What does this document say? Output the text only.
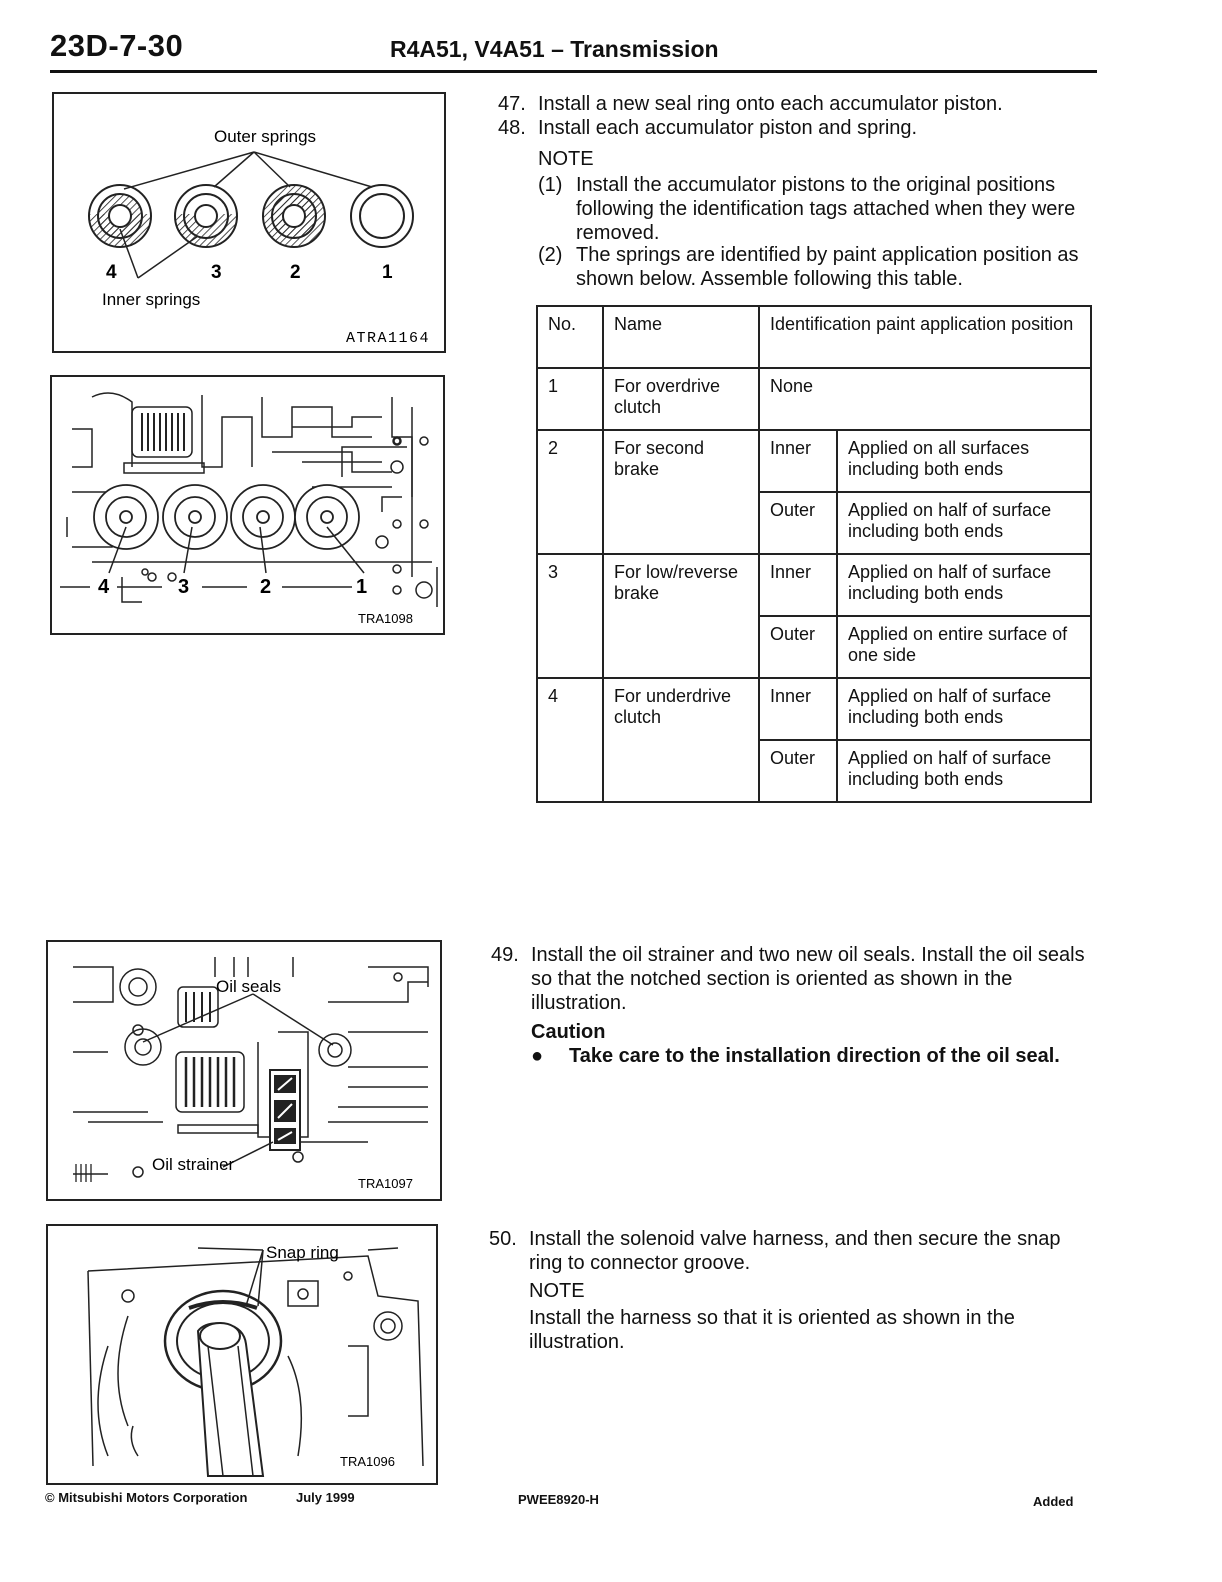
23D-7-30	R4A51, V4A51 – Transmission
Outer springs
Inner springs
4	3	2	1
ATRA1164
4	3	2	1
TRA1098
47. Install a new seal ring onto each accumulator piston.
48. Install each accumulator piston and spring.
NOTE
(1) Install the accumulator pistons to the original positions following the identification tags attached when they were removed.
(2) The springs are identified by paint application position as shown below. Assemble following this table.
No.	Name	Identification paint application position	
1	For overdrive clutch	None	
2	For second brake	Inner	Applied on all surfaces including both ends
		Outer	Applied on half of surface including both ends
3	For low/reverse brake	Inner	Applied on half of surface including both ends
		Outer	Applied on entire surface of one side
4	For underdrive clutch	Inner	Applied on half of surface including both ends
		Outer	Applied on half of surface including both ends
Oil seals
Oil strainer
TRA1097
Snap ring
TRA1096
49. Install the oil strainer and two new oil seals. Install the oil seals so that the notched section is oriented as shown in the illustration.
Caution
● Take care to the installation direction of the oil seal.
50. Install the solenoid valve harness, and then secure the snap ring to connector groove.
NOTE
Install the harness so that it is oriented as shown in the illustration.
© Mitsubishi Motors Corporation	July 1999	PWEE8920-H	Added
